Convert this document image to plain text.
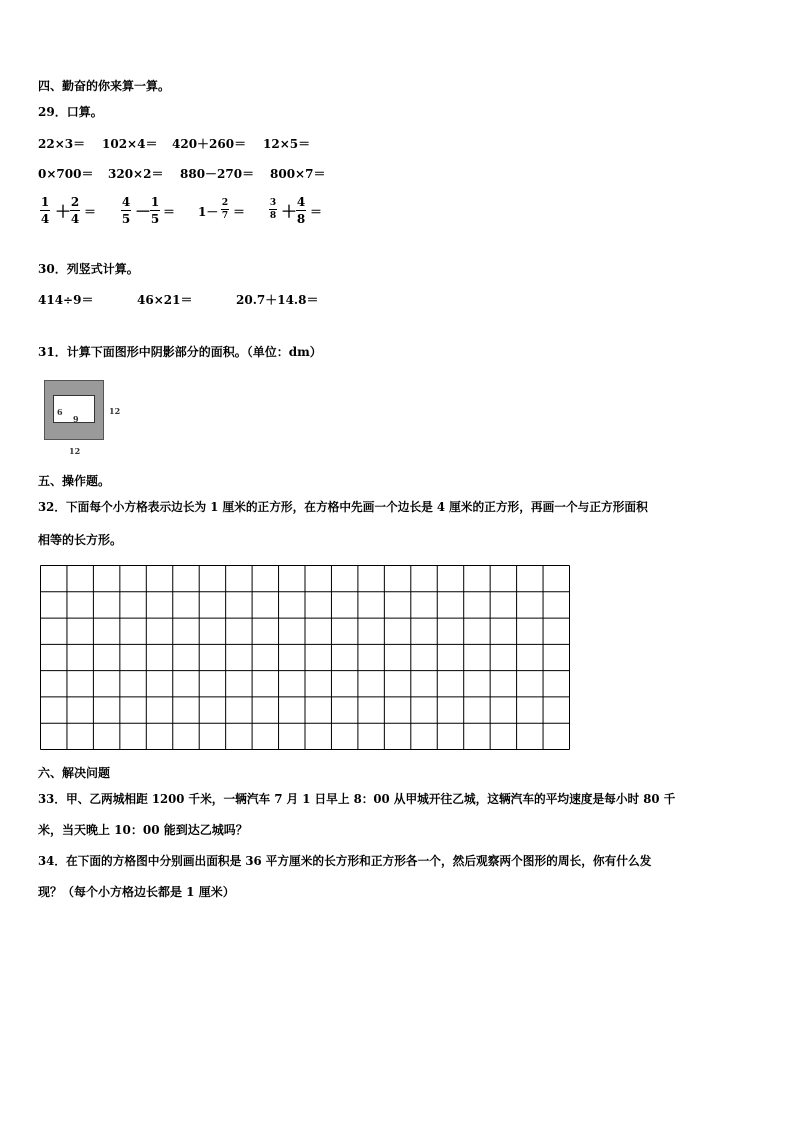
四、勤奋的你来算一算。
29．口算。
22×3＝ 102×4＝ 420＋260＝ 12×5＝
0×700＝ 320×2＝ 880－270＝ 800×7＝
1
4 ＋ 2
4 ＝
4
5 － 1
5 ＝ 1－
2
7 ＝
3
8 ＋ 4
8 ＝
30．列竖式计算。
414÷9＝	46×21＝	20.7＋14.8＝
31．计算下面图形中阴影部分的面积。（单位：dm）
6
9
12
12
五、操作题。
32．下面每个小方格表示边长为 1 厘米的正方形，在方格中先画一个边长是 4 厘米的正方形，再画一个与正方形面积
相等的长方形。
六、解决问题
33．甲、乙两城相距 1200 千米，一辆汽车 7 月 1 日早上 8：00 从甲城开往乙城，这辆汽车的平均速度是每小时 80 千
米，当天晚上 10：00 能到达乙城吗？
34．在下面的方格图中分别画出面积是 36 平方厘米的长方形和正方形各一个，然后观察两个图形的周长，你有什么发
现？（每个小方格边长都是 1 厘米）
